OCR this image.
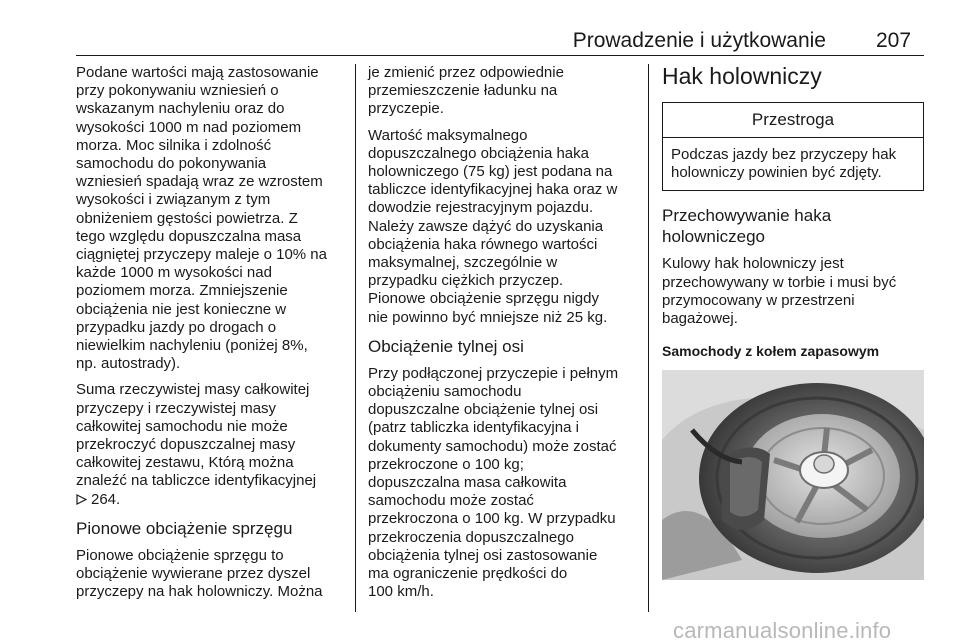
Prowadzenie i użytkowanie 207

Podane wartości mają zastosowanie
przy pokonywaniu wzniesień o
wskazanym nachyleniu oraz do
wysokości 1000 m nad poziomem
morza. Moc silnika i zdolność
samochodu do pokonywania
wzniesień spadają wraz ze wzrostem
wysokości i związanym z tym
obniżeniem gęstości powietrza. Z
tego względu dopuszczalna masa
ciągniętej przyczepy maleje o 10% na
każde 1000 m wysokości nad
poziomem morza. Zmniejszenie
obciążenia nie jest konieczne w
przypadku jazdy po drogach o
niewielkim nachyleniu (poniżej 8%,
np. autostrady).

Suma rzeczywistej masy całkowitej
przyczepy i rzeczywistej masy
całkowitej samochodu nie może
przekroczyć dopuszczalnej masy
całkowitej zestawu, Którą można
znaleźć na tabliczce identyfikacyjnej
264.

Pionowe obciążenie sprzęgu

Pionowe obciążenie sprzęgu to
obciążenie wywierane przez dyszel
przyczepy na hak holowniczy. Można

je zmienić przez odpowiednie
przemieszczenie ładunku na
przyczepie.

Wartość maksymalnego
dopuszczalnego obciążenia haka
holowniczego (75 kg) jest podana na
tabliczce identyfikacyjnej haka oraz w
dowodzie rejestracyjnym pojazdu.
Należy zawsze dążyć do uzyskania
obciążenia haka równego wartości
maksymalnej, szczególnie w
przypadku ciężkich przyczep.
Pionowe obciążenie sprzęgu nigdy
nie powinno być mniejsze niż 25 kg.

Obciążenie tylnej osi

Przy podłączonej przyczepie i pełnym
obciążeniu samochodu
dopuszczalne obciążenie tylnej osi
(patrz tabliczka identyfikacyjna i
dokumenty samochodu) może zostać
przekroczone o 100 kg;
dopuszczalna masa całkowita
samochodu może zostać
przekroczona o 100 kg. W przypadku
przekroczenia dopuszczalnego
obciążenia tylnej osi zastosowanie
ma ograniczenie prędkości do
100 km/h.

Hak holowniczy
Przestroga
Podczas jazdy bez przyczepy hak
holowniczy powinien być zdjęty.
Przechowywanie haka
holowniczego

Kulowy hak holowniczy jest
przechowywany w torbie i musi być
przymocowany w przestrzeni
bagażowej.

Samochody z kołem zapasowym
carmanualsonline.info
